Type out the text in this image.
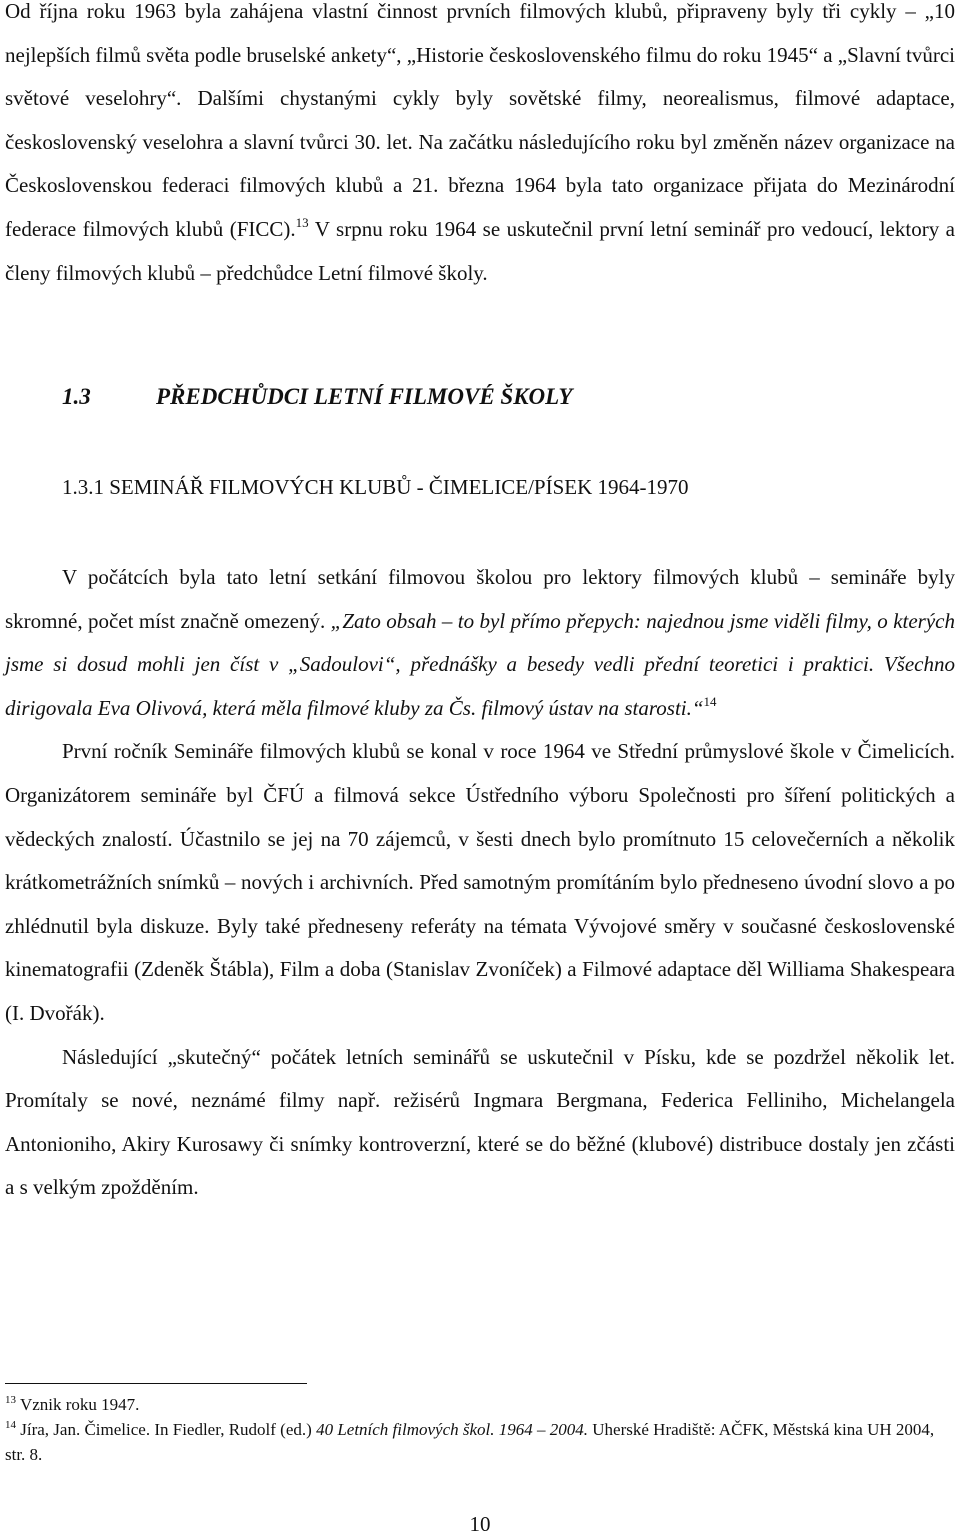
Od října roku 1963 byla zahájena vlastní činnost prvních filmových klubů, připraveny byly tři cykly – „10 nejlepších filmů světa podle bruselské ankety“, „Historie československého filmu do roku 1945“ a „Slavní tvůrci světové veselohry“. Dalšími chystanými cykly byly sovětské filmy, neorealismus, filmové adaptace, československý veselohra a slavní tvůrci 30. let. Na začátku následujícího roku byl změněn název organizace na Československou federaci filmových klubů a 21. března 1964 byla tato organizace přijata do Mezinárodní federace filmových klubů (FICC).$^{13}$ V srpnu roku 1964 se uskutečnil první letní seminář pro vedoucí, lektory a členy filmových klubů – předchůdce Letní filmové školy.

1.3	PŘEDCHŮDCI LETNÍ FILMOVÉ ŠKOLY

1.3.1 SEMINÁŘ FILMOVÝCH KLUBŮ - ČIMELICE/PÍSEK 1964-1970

V počátcích byla tato letní setkání filmovou školou pro lektory filmových klubů – semináře byly skromné, počet míst značně omezený. „Zato obsah – to byl přímo přepych: najednou jsme viděli filmy, o kterých jsme si dosud mohli jen číst v „Sadoulovi“, přednášky a besedy vedli přední teoretici i praktici. Všechno dirigovala Eva Olivová, která měla filmové kluby za Čs. filmový ústav na starosti.“$^{14}$

První ročník Semináře filmových klubů se konal v roce 1964 ve Střední průmyslové škole v Čimelicích. Organizátorem semináře byl ČFÚ a filmová sekce Ústředního výboru Společnosti pro šíření politických a vědeckých znalostí. Účastnilo se jej na 70 zájemců, v šesti dnech bylo promítnuto 15 celovečerních a několik krátkometrážních snímků – nových i archivních. Před samotným promítáním bylo předneseno úvodní slovo a po zhlédnutil byla diskuze. Byly také předneseny referáty na témata Vývojové směry v současné československé kinematografii (Zdeněk Štábla), Film a doba (Stanislav Zvoníček) a Filmové adaptace děl Williama Shakespeara (I. Dvořák).

Následující „skutečný“ počátek letních seminářů se uskutečnil v Písku, kde se pozdržel několik let. Promítaly se nové, neznámé filmy např. režisérů Ingmara Bergmana, Federica Felliniho, Michelangela Antonioniho, Akiry Kurosawy či snímky kontroverzní, které se do běžné (klubové) distribuce dostaly jen zčásti a s velkým zpožděním.

$^{13}$ Vznik roku 1947.

$^{14}$ Jíra, Jan. Čimelice. In Fiedler, Rudolf (ed.) 40 Letních filmových škol. 1964 – 2004. Uherské Hradiště: AČFK, Městská kina UH 2004, str. 8.

10
